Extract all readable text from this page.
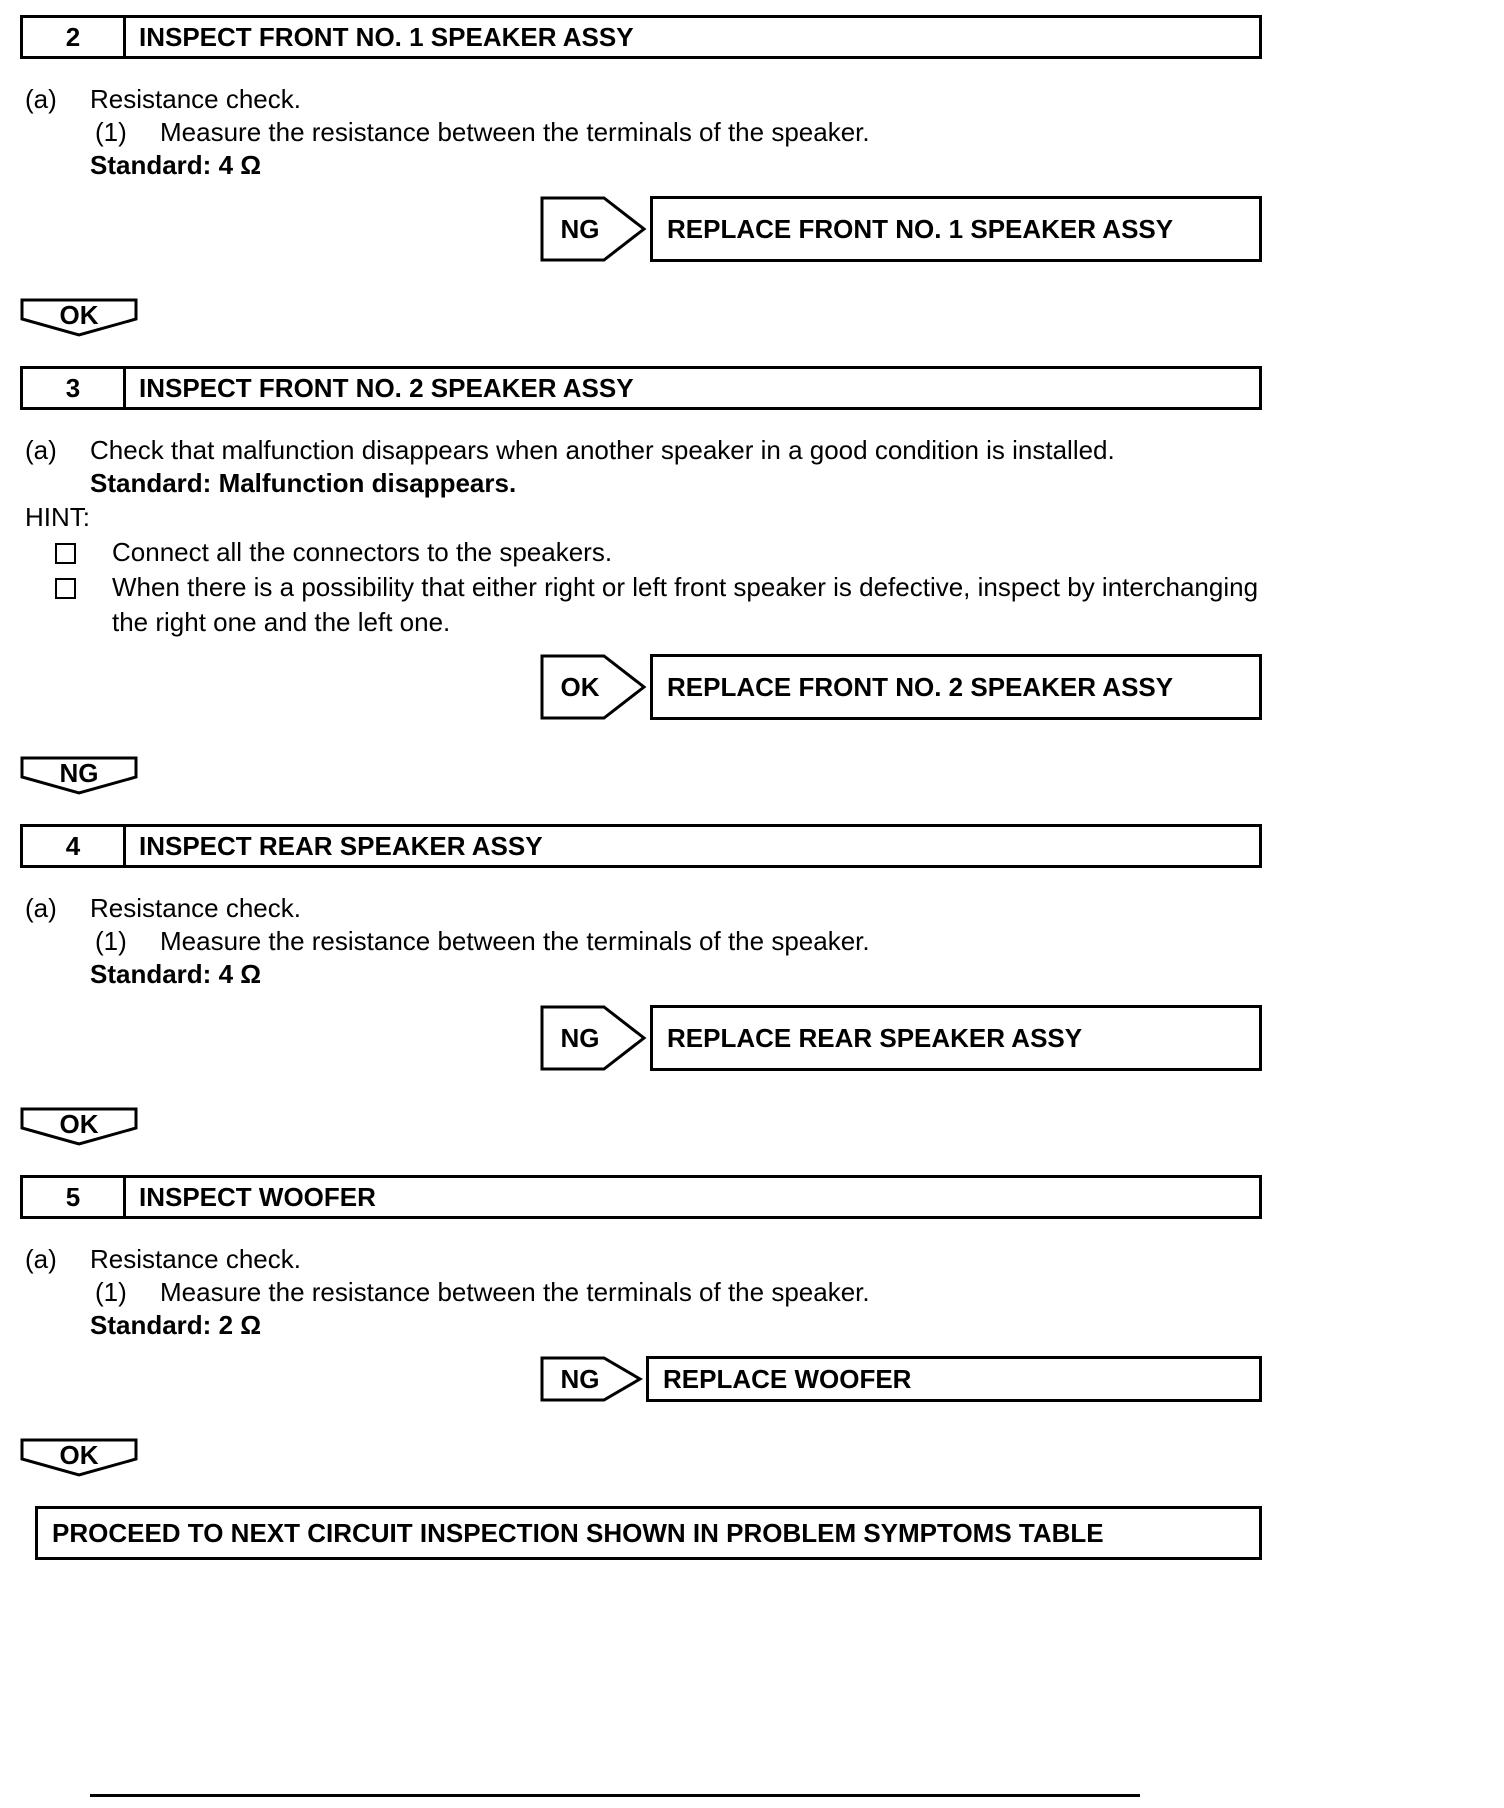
2	INSPECT FRONT NO. 1 SPEAKER ASSY
(a)	Resistance check.
(1)	Measure the resistance between the terminals of the speaker.
Standard: 4 Ω
NG	REPLACE FRONT NO. 1 SPEAKER ASSY
OK
3	INSPECT FRONT NO. 2 SPEAKER ASSY
(a)	Check that malfunction disappears when another speaker in a good condition is installed.
Standard: Malfunction disappears.
HINT:
Connect all the connectors to the speakers.
When there is a possibility that either right or left front speaker is defective, inspect by interchanging the right one and the left one.
OK	REPLACE FRONT NO. 2 SPEAKER ASSY
NG
4	INSPECT REAR SPEAKER ASSY
(a)	Resistance check.
(1)	Measure the resistance between the terminals of the speaker.
Standard: 4 Ω
NG	REPLACE REAR SPEAKER ASSY
OK
5	INSPECT WOOFER
(a)	Resistance check.
(1)	Measure the resistance between the terminals of the speaker.
Standard: 2 Ω
NG REPLACE WOOFER
OK
PROCEED TO NEXT CIRCUIT INSPECTION SHOWN IN PROBLEM SYMPTOMS TABLE
